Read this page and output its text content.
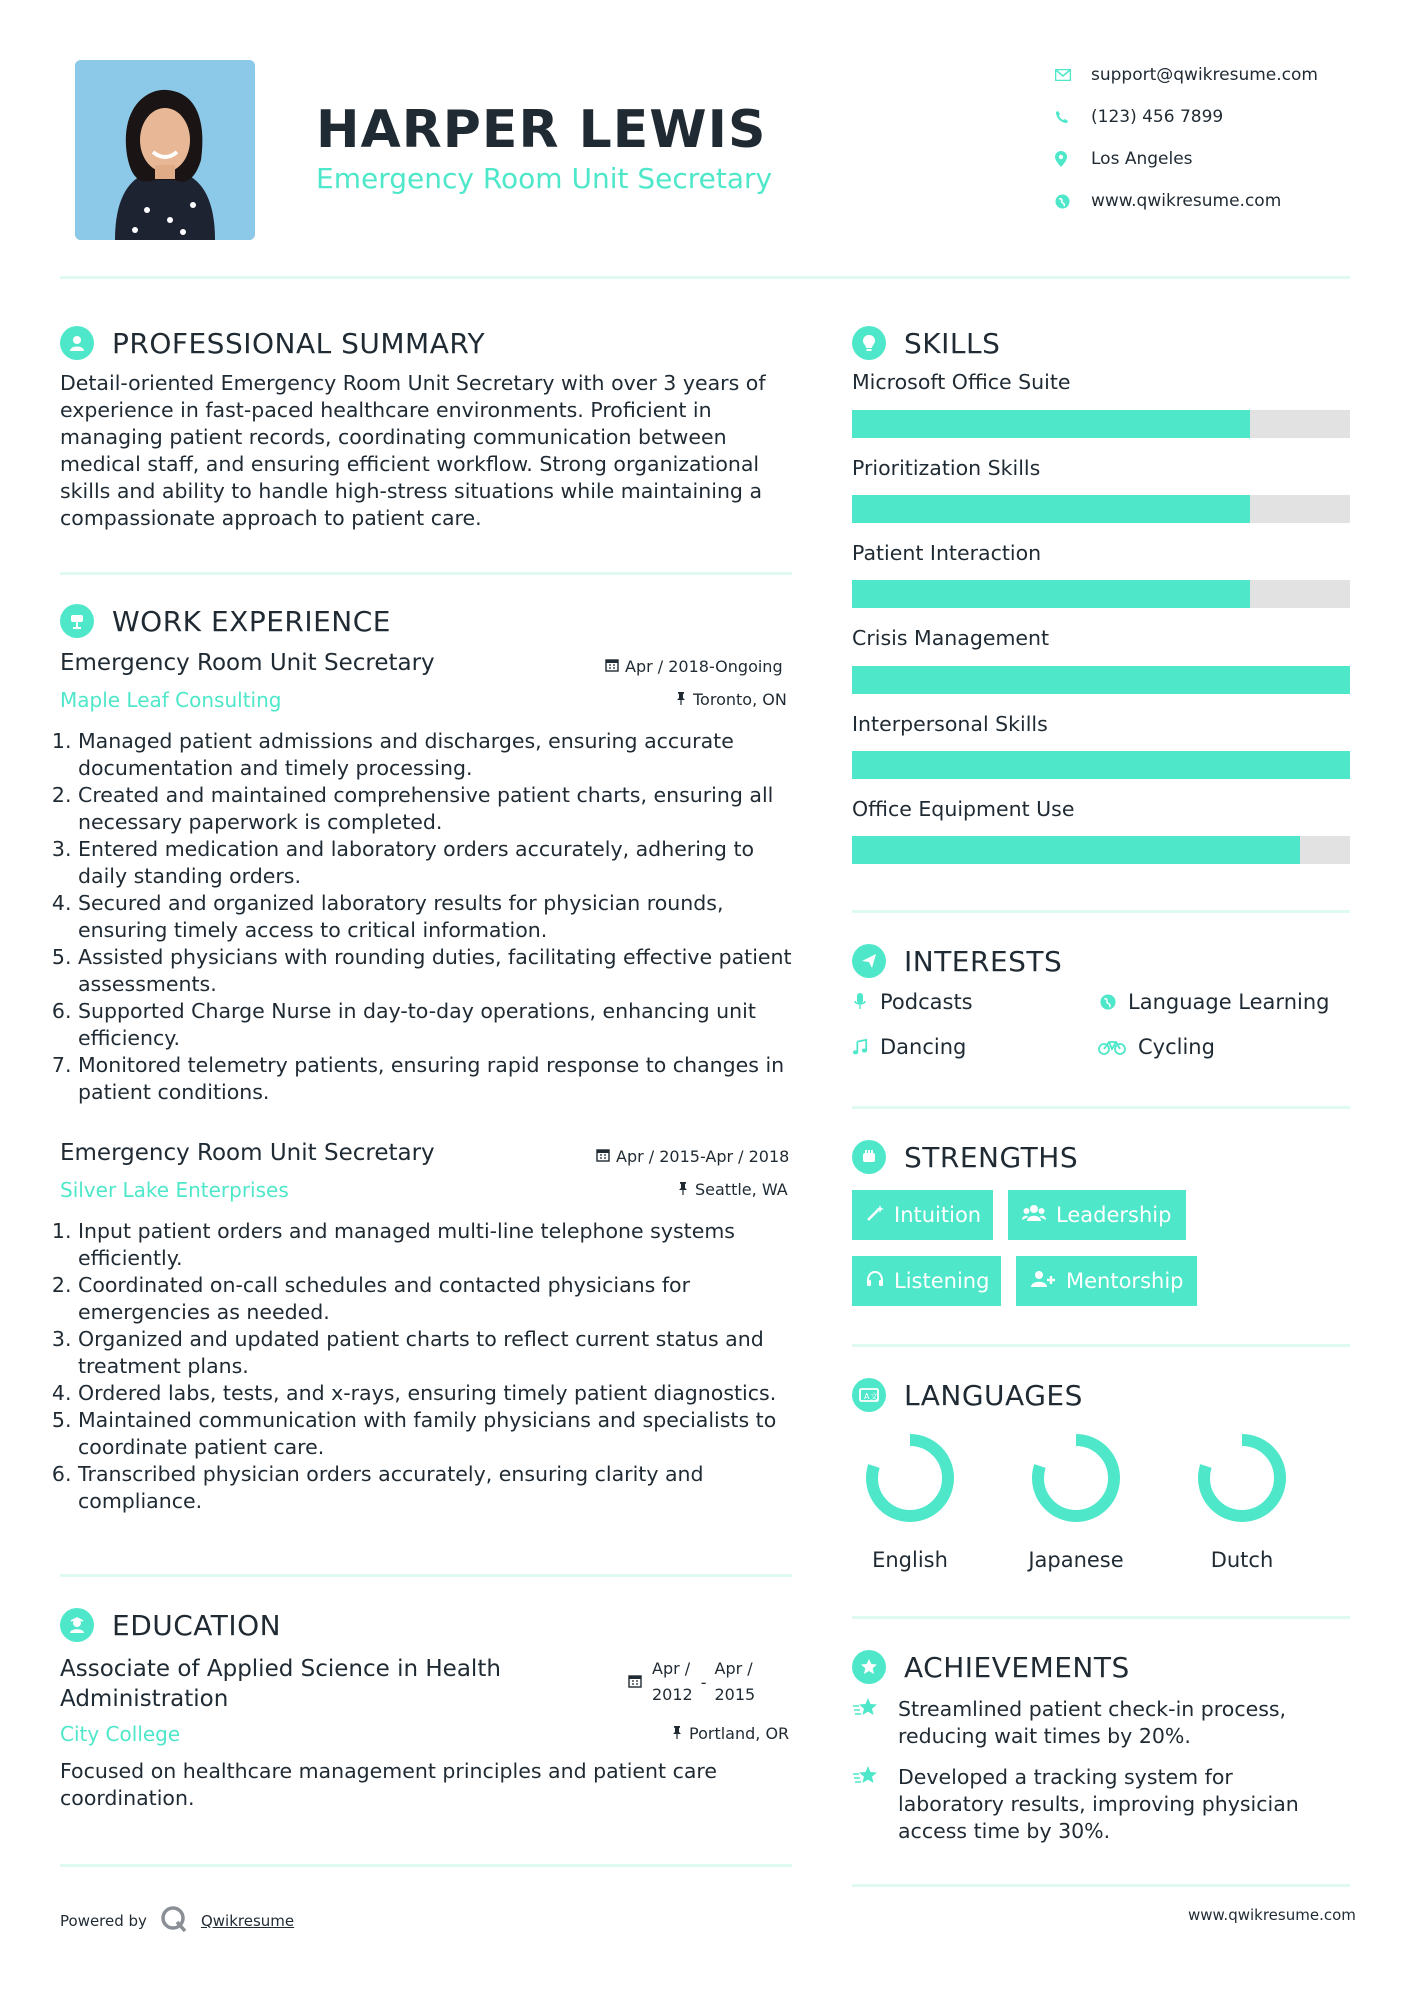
HARPER LEWIS
Emergency Room Unit Secretary
support@qwikresume.com
(123) 456 7899
Los Angeles
www.qwikresume.com
PROFESSIONAL SUMMARY
Detail-oriented Emergency Room Unit Secretary with over 3 years of experience in fast-paced healthcare environments. Proficient in managing patient records, coordinating communication between medical staff, and ensuring efficient workflow. Strong organizational skills and ability to handle high-stress situations while maintaining a compassionate approach to patient care.
WORK EXPERIENCE
Emergency Room Unit Secretary	Apr / 2018-Ongoing
Maple Leaf Consulting	Toronto, ON
1. Managed patient admissions and discharges, ensuring accurate documentation and timely processing.
2. Created and maintained comprehensive patient charts, ensuring all necessary paperwork is completed.
3. Entered medication and laboratory orders accurately, adhering to daily standing orders.
4. Secured and organized laboratory results for physician rounds, ensuring timely access to critical information.
5. Assisted physicians with rounding duties, facilitating effective patient assessments.
6. Supported Charge Nurse in day-to-day operations, enhancing unit efficiency.
7. Monitored telemetry patients, ensuring rapid response to changes in patient conditions.
Emergency Room Unit Secretary	Apr / 2015-Apr / 2018
Silver Lake Enterprises	Seattle, WA
1. Input patient orders and managed multi-line telephone systems efficiently.
2. Coordinated on-call schedules and contacted physicians for emergencies as needed.
3. Organized and updated patient charts to reflect current status and treatment plans.
4. Ordered labs, tests, and x-rays, ensuring timely patient diagnostics.
5. Maintained communication with family physicians and specialists to coordinate patient care.
6. Transcribed physician orders accurately, ensuring clarity and compliance.
EDUCATION
Associate of Applied Science in Health Administration
Apr /
2012
-
Apr /
2015
City College	Portland, OR
Focused on healthcare management principles and patient care coordination.
SKILLS
Microsoft Office Suite
Prioritization Skills
Patient Interaction
Crisis Management
Interpersonal Skills
Office Equipment Use
INTERESTS
Podcasts	Language Learning
Dancing	Cycling
STRENGTHS
Intuition	Leadership
Listening	Mentorship
A 文 LANGUAGES
English	Japanese	Dutch
ACHIEVEMENTS
Streamlined patient check-in process, reducing wait times by 20%.
Developed a tracking system for laboratory results, improving physician access time by 30%.
Powered by	Qwikresume	www.qwikresume.com
